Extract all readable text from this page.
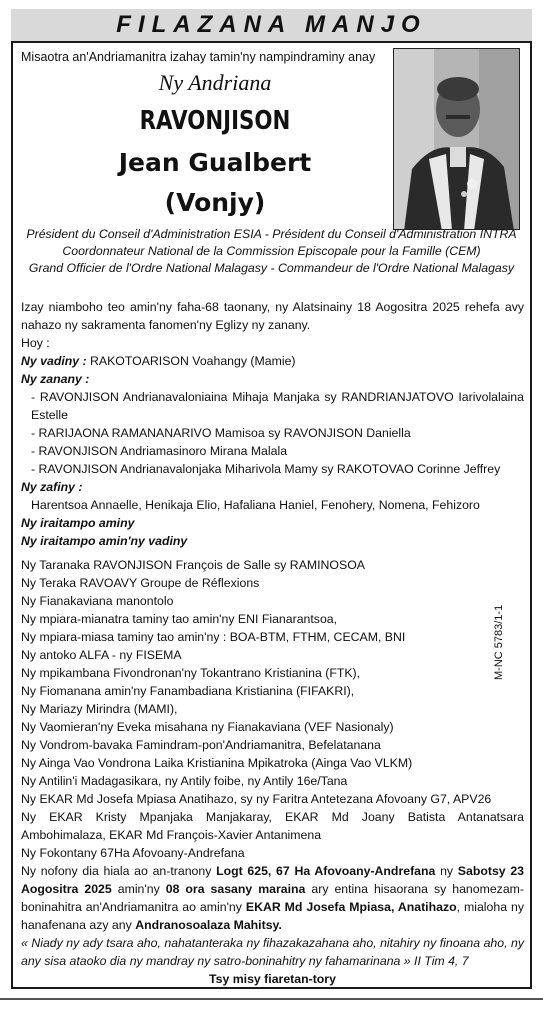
FILAZANA MANJO
Misaotra an'Andriamanitra izahay tamin'ny nampindraminy anay
Ny Andriana
RAVONJISON
Jean Gualbert
(Vonjy)
Président du Conseil d'Administration ESIA - Président du Conseil d'Administration INTRA
Coordonnateur National de la Commission Episcopale pour la Famille (CEM)
Grand Officier de l'Ordre National Malagasy - Commandeur de l'Ordre National Malagasy

Izay niamboho teo amin'ny faha-68 taonany, ny Alatsinainy 18 Aogositra 2025 rehefa avy nahazo ny sakramenta fanomen'ny Eglizy ny zanany.

Hoy :

Ny vadiny : RAKOTOARISON Voahangy (Mamie)

Ny zanany :

- RAVONJISON Andrianavaloniaina Mihaja Manjaka sy RANDRIANJATOVO Iarivolalaina Estelle

- RARIJAONA RAMANANARIVO Mamisoa sy RAVONJISON Daniella

- RAVONJISON Andriamasinoro Mirana Malala

- RAVONJISON Andrianavalonjaka Miharivola Mamy sy RAKOTOVAO Corinne Jeffrey

Ny zafiny :

Harentsoa Annaelle, Henikaja Elio, Hafaliana Haniel, Fenohery, Nomena, Fehizoro

Ny iraitampo aminy

Ny iraitampo amin'ny vadiny

Ny Taranaka RAVONJISON François de Salle sy RAMINOSOA

Ny Teraka RAVOAVY Groupe de Réflexions

Ny Fianakaviana manontolo

Ny mpiara-mianatra taminy tao amin'ny ENI Fianarantsoa,

Ny mpiara-miasa taminy tao amin'ny : BOA-BTM, FTHM, CECAM, BNI

Ny antoko ALFA - ny FISEMA

Ny mpikambana Fivondronan'ny Tokantrano Kristianina (FTK),

Ny Fiomanana amin'ny Fanambadiana Kristianina (FIFAKRI),

Ny Mariazy Mirindra (MAMI),

Ny Vaomieran'ny Eveka misahana ny Fianakaviana (VEF Nasionaly)

Ny Vondrom-bavaka Famindram-pon'Andriamanitra, Befelatanana

Ny Ainga Vao Vondrona Laika Kristianina Mpikatroka (Ainga Vao VLKM)

Ny Antilin'i Madagasikara, ny Antily foibe, ny Antily 16e/Tana

Ny EKAR Md Josefa Mpiasa Anatihazo, sy ny Faritra Antetezana Afovoany G7, APV26

Ny EKAR Kristy Mpanjaka Manjakaray, EKAR Md Joany Batista Antanatsara Ambohimalaza, EKAR Md François-Xavier Antanimena

Ny Fokontany 67Ha Afovoany-Andrefana

Ny nofony dia hiala ao an-tranony Logt 625, 67 Ha Afovoany-Andrefana ny Sabotsy 23 Aogositra 2025 amin'ny 08 ora sasany maraina ary entina hisaorana sy hanomezam-boninahitra an'Andriamanitra ao amin'ny EKAR Md Josefa Mpiasa, Anatihazo, mialoha ny hanafenana azy any Andranosoalaza Mahitsy.

« Niady ny ady tsara aho, nahatanteraka ny fihazakazahana aho, nitahiry ny finoana aho, ny any sisa ataoko dia ny mandray ny satro-boninahitry ny fahamarinana » II Tim 4, 7

Tsy misy fiaretan-tory

M-NC 5783/1-1
